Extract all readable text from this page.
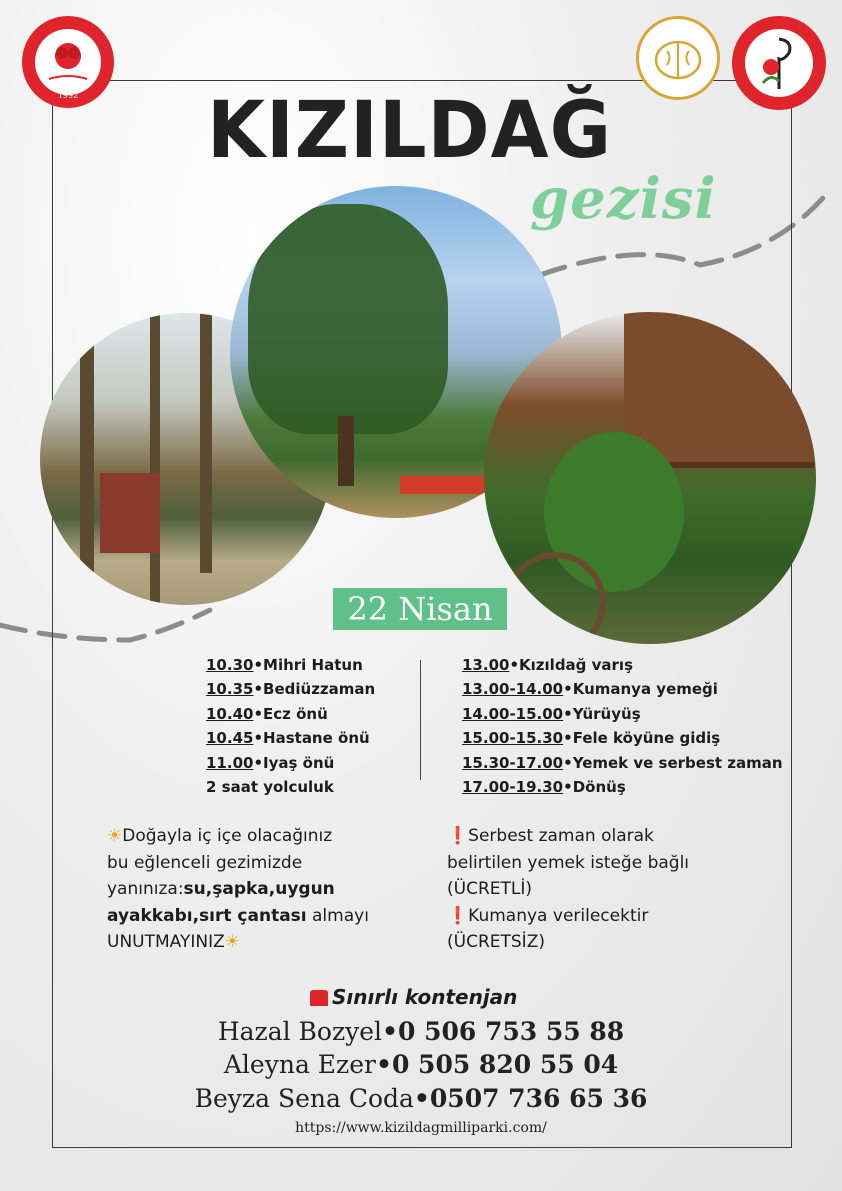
1992	KIZILDAĞ
gezisi
22 Nisan
10.30•Mihri Hatun
10.35•Bediüzzaman
10.40•Ecz önü
10.45•Hastane önü
11.00•Iyaş önü
2 saat yolculuk
13.00•Kızıldağ varış
13.00-14.00•Kumanya yemeği
14.00-15.00•Yürüyüş
15.00-15.30•Fele köyüne gidiş
15.30-17.00•Yemek ve serbest zaman
17.00-19.30•Dönüş
☀Doğayla iç içe olacağınız
bu eğlenceli gezimizde
yanınıza:su,şapka,uygun
ayakkabı,sırt çantası almayı
UNUTMAYINIZ☀
❗Serbest zaman olarak
belirtilen yemek isteğe bağlı
(ÜCRETLİ)
❗Kumanya verilecektir
(ÜCRETSİZ)
Sınırlı kontenjan
Hazal Bozyel•0 506 753 55 88
Aleyna Ezer•0 505 820 55 04
Beyza Sena Coda•0507 736 65 36
https://www.kizildagmilliparki.com/
